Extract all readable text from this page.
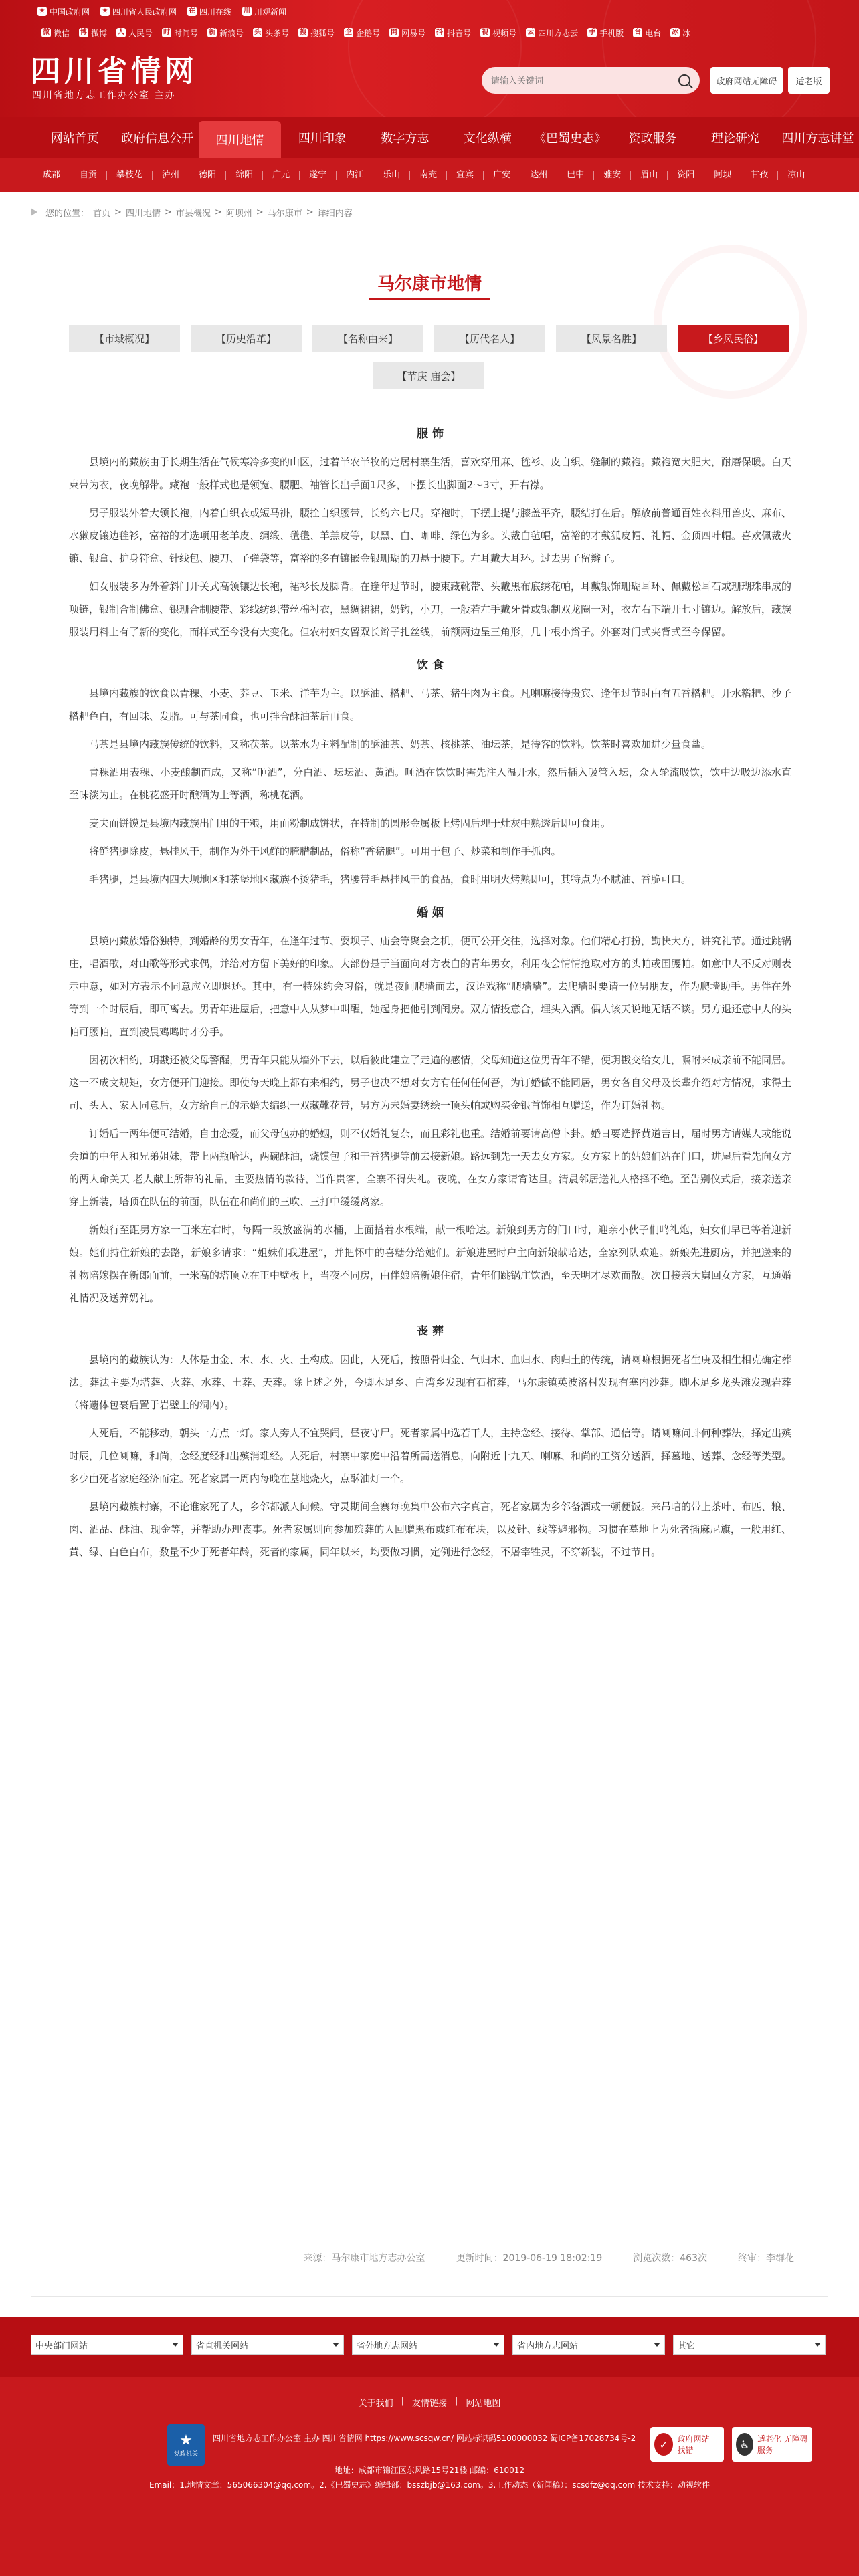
★ 中国政府网 ★ 四川省人民政府网 在 四川在线 川 川观新闻
微 微信 博 微博 人 人民号 时 时间号 新 新浪号 头 头条号 搜 搜狐号 企 企鹅号 网 网易号 抖 抖音号 视 视频号 云 四川方志云 手 手机版 台 电台 冰 冰
四川省情网
四川省地方志工作办公室 主办
请输入关键词
政府网站无障碍	适老版
网站首页	政府信息公开	四川地情	四川印象	数字方志	文化纵横	《巴蜀史志》	资政服务	理论研究	四川方志讲堂
成都	自贡	攀枝花	泸州	德阳	绵阳	广元	遂宁	内江	乐山	南充	宜宾	广安	达州	巴中	雅安	眉山	资阳	阿坝	甘孜	凉山
您的位置： 首页 > 四川地情 > 市县概况 > 阿坝州 > 马尔康市 > 详细内容
马尔康市地情
【市域概况】	【历史沿革】	【名称由来】	【历代名人】	【风景名胜】	【乡风民俗】
【节庆 庙会】
服 饰

县境内的藏族由于长期生活在气候寒冷多变的山区，过着半农半牧的定居村寨生活，喜欢穿用麻、毪衫、皮自织、缝制的藏袍。藏袍宽大肥大，耐磨保暖。白天束带为衣，夜晚解带。藏袍一般样式也是领宽、腰肥、袖管长出手面1尺多，下摆长出脚面2～3寸，开右襟。

男子服装外着大领长袍，内着自织衣或短马褂，腰拴自织腰带，长约六七尺。穿袍时，下摆上提与膝盖平齐，腰结打在后。解放前普通百姓衣料用兽皮、麻布、水獭皮镶边毪衫，富裕的才选项用老羊皮、绸缎、氆氇、羊羔皮等，以黑、白、咖啡、绿色为多。头戴白毡帽，富裕的才戴狐皮帽、礼帽、金顶四叶帽。喜欢佩戴火镰、银盒、护身符盒、针线包、腰刀、子弹袋等，富裕的多有镶嵌金银珊瑚的刀悬于腰下。左耳戴大耳环。过去男子留辫子。

妇女服装多为外着斜门开关式高领镶边长袍，裙衫长及脚背。在逢年过节时，腰束藏靴带、头戴黑布底绣花帕，耳戴银饰珊瑚耳环、佩戴松耳石或珊瑚珠串成的项链，银制合制佛盒、银珊合制腰带、彩线纺织带丝棉衬衣，黑绸裙裙，奶钩，小刀，一般若左手戴牙骨或银制双龙圈一对，衣左右下端开七寸镶边。解放后，藏族服装用料上有了新的变化，而样式至今没有大变化。但农村妇女留双长辫子扎丝线，前额两边呈三角形，几十根小辫子。外套对门式夹背式至今保留。

饮 食

县境内藏族的饮食以青稞、小麦、荞豆、玉米、洋芋为主。以酥油、糌粑、马茶、猪牛肉为主食。凡喇嘛接待贵宾、逢年过节时由有五香糌粑。开水糌粑、沙子糌粑色白，有回味、发脂。可与茶同食，也可拌合酥油茶后再食。

马茶是县境内藏族传统的饮料，又称茯茶。以茶水为主料配制的酥油茶、奶茶、核桃茶、油坛茶，是待客的饮料。饮茶时喜欢加进少量食盐。

青稞酒用表稞、小麦酿制而成，又称“咂酒”，分白酒、坛坛酒、黄酒。咂酒在饮饮时需先注入温开水，然后插入吸管入坛，众人轮流吸饮，饮中边吸边添水直至味淡为止。在桃花盛开时酿酒为上等酒，称桃花酒。

麦夫面饼馍是县境内藏族出门用的干粮，用面粉制成饼状，在特制的圆形金属板上烤固后埋于灶灰中熟透后即可食用。

将鲜猪腿除皮，悬挂风干，制作为外干风鲜的腌腊制品，俗称“香猪腿”。可用于包子、炒菜和制作手抓肉。

毛猪腿，是县境内四大坝地区和茶堡地区藏族不烫猪毛，猪腰带毛悬挂风干的食品，食时用明火烤熟即可，其特点为不腻油、香脆可口。

婚 姻

县境内藏族婚俗独特，到婚龄的男女青年，在逢年过节、耍坝子、庙会等聚会之机，便可公开交往，选择对象。他们精心打扮，勤快大方，讲究礼节。通过跳锅庄，唱酒歌，对山歌等形式求偶，并给对方留下美好的印象。大部份是于当面向对方表白的青年男女，利用夜会情情抢取对方的头帕或围腰帕。如意中人不反对则表示中意，如对方表示不同意应立即退还。其中，有一特殊约会习俗，就是夜间爬墙而去，汉语戏称“爬墙墙”。去爬墙时要请一位男朋友，作为爬墙助手。男伴在外等到一个时辰后，即可离去。男青年进屋后，把意中人从梦中叫醒，她起身把他引到闺房。双方情投意合，埋头入酒。偶人该天说地无话不谈。男方退还意中人的头帕可腰帕，直到凌晨鸡鸣时才分手。

因初次相约，玥戡还被父母警醒，男青年只能从墙外下去，以后彼此建立了走遍的感情，父母知道这位男青年不错，便玥戡交给女儿，嘱咐来成亲前不能同居。这一不成文规矩，女方便开门迎接。即使每天晚上都有来相约，男子也决不想对女方有任何任何吾，为订婚做不能同居，男女各自父母及长辈介绍对方情况，求得土司、头人、家人同意后，女方给自己的示婚夫编织一双藏靴花带，男方为未婚妻绣绘一顶头帕或购买金银首饰相互赠送，作为订婚礼物。

订婚后一两年便可结婚，自由恋爱，而父母包办的婚姻，则不仅婚礼复杂，而且彩礼也重。结婚前要请高僧卜卦。婚日要选择黄道吉日，届时男方请媒人或能说会道的中年人和兄弟姐妹，带上两瓶哈达，两碗酥油，烧馍包子和干香猪腿等前去接新娘。路远到先一天去女方家。女方家上的姑娘们站在门口，进屋后看先向女方的两人命关天 老人献上所带的礼品，主要热情的款待，当作贵客，全寨不得失礼。夜晚，在女方家请宵达旦。清晨邻居送礼人格择不绝。至告别仪式后，接亲送亲穿上新装，塔顶在队伍的前面，队伍在和尚们的三吹、三打中缓缓离家。

新娘行至距男方家一百米左右时，每隔一段放盛满的水桶，上面搭着水根端，献一根哈达。新娘到男方的门口时，迎亲小伙子们鸣礼炮，妇女们早已等着迎新娘。她们持住新娘的去路，新娘多请求：“姐妹们我进屋”，并把怀中的喜糖分给她们。新娘进屋时户主向新娘献哈达，全家列队欢迎。新娘先进厨房，并把送来的礼物陪嫁摆在新郎面前，一米高的塔顶立在正中壁板上，当夜不同房，由伴娘陪新娘住宿，青年们跳锅庄饮酒，至天明才尽欢而散。次日接亲大舅回女方家，互通婚礼情况及送养奶礼。

丧 葬

县境内的藏族认为：人体是由金、木、水、火、土构成。因此，人死后，按照骨归金、气归木、血归水、肉归土的传统，请喇嘛根据死者生庚及相生相克确定葬法。葬法主要为塔葬、火葬、水葬、土葬、天葬。除上述之外，今脚木足乡、白湾乡发现有石棺葬，马尔康镇英波洛村发现有塞内沙葬。脚木足乡龙头滩发现岩葬（将遗体包裹后置于岩壁上的洞内）。

人死后，不能移动，朝头一方点一灯。家人旁人不宜哭闹，昼夜守尸。死者家属中选若干人，主持念经、接待、掌部、通信等。请喇嘛问卦何种葬法，择定出殡时辰，几位喇嘛，和尚，念经度经和出殡消难经。人死后，村寨中家庭中沿着所需送消息，向附近十九天、喇嘛、和尚的工资分送酒，择墓地、送葬、念经等类型。多少由死者家庭经济而定。死者家属一周内每晚在墓地烧火，点酥油灯一个。

县境内藏族村寨，不论谁家死了人，乡邻都派人问候。守灵期间全寨每晚集中公布六字真言，死者家属为乡邻备酒或一顿便饭。来吊唁的带上茶叶、布匹、粮、肉、酒品、酥油、现金等，并帮助办理丧事。死者家属则向参加殡葬的人回赠黑布或红布布块，以及针、线等避邪物。习惯在墓地上为死者插麻尼旗，一般用红、黄、绿、白色白布，数量不少于死者年龄，死者的家属，同年以来，均要做习惯，定例进行念经，不屠宰牲灵，不穿新装，不过节日。

来源：马尔康市地方志办公室	更新时间：2019-06-19 18:02:19	浏览次数：463次	终审：李群花
中央部门网站	省直机关网站	省外地方志网站	省内地方志网站	其它
关于我们 | 友情链接 | 网站地图
★
党政机关
四川省地方志工作办公室 主办 四川省情网 https://www.scsqw.cn/ 网站标识码5100000032 蜀ICP备17028734号-2
地址：成都市锦江区东风路15号21楼 邮编：610012
Email：1.地情文章：565066304@qq.com。2.《巴蜀史志》编辑部：bsszbjb@163.com。3.工作动态（新闻稿）：scsdfz@qq.com 技术支持：动视软件
✓	政府网站 找错	♿ 适老化 无障碍服务
